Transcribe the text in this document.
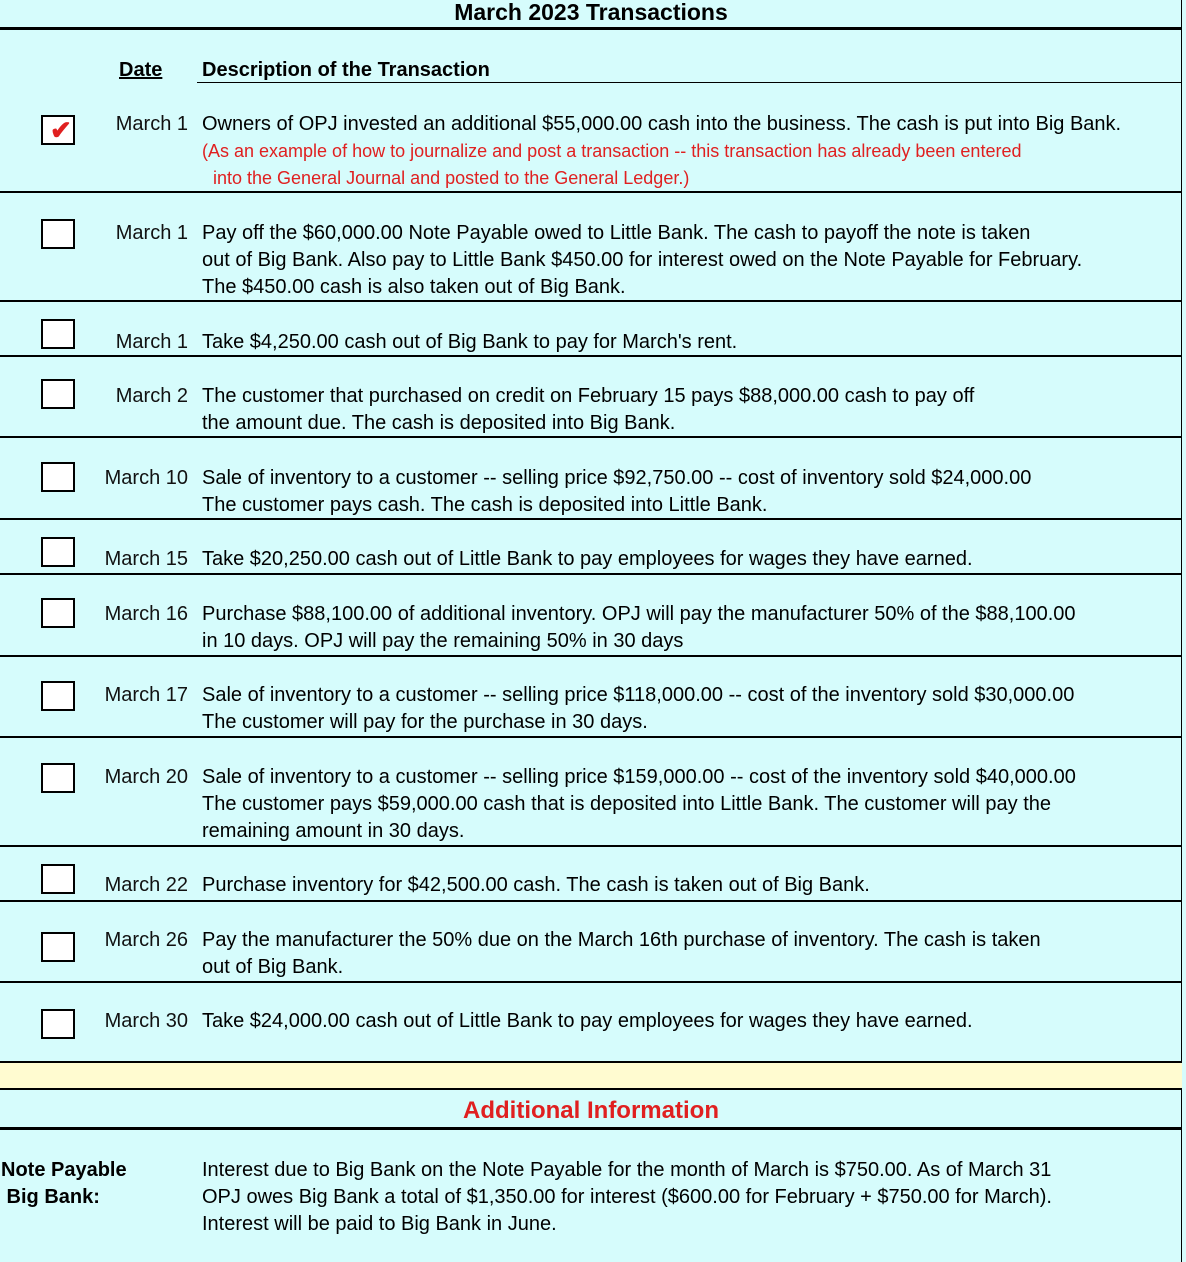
March 2023 Transactions
Date Description of the Transaction
✔	March 1 Owners of OPJ invested an additional $55,000.00 cash into the business. The cash is put into Big Bank.
(As an example of how to journalize and post a transaction -- this transaction has already been entered
into the General Journal and posted to the General Ledger.)
March 1 Pay off the $60,000.00 Note Payable owed to Little Bank. The cash to payoff the note is taken
out of Big Bank. Also pay to Little Bank $450.00 for interest owed on the Note Payable for February.
The $450.00 cash is also taken out of Big Bank.
March 1 Take $4,250.00 cash out of Big Bank to pay for March's rent.
March 2 The customer that purchased on credit on February 15 pays $88,000.00 cash to pay off
the amount due. The cash is deposited into Big Bank.
March 10 Sale of inventory to a customer -- selling price $92,750.00 -- cost of inventory sold $24,000.00
The customer pays cash. The cash is deposited into Little Bank.
March 15 Take $20,250.00 cash out of Little Bank to pay employees for wages they have earned.
March 16 Purchase $88,100.00 of additional inventory. OPJ will pay the manufacturer 50% of the $88,100.00
in 10 days. OPJ will pay the remaining 50% in 30 days
March 17 Sale of inventory to a customer -- selling price $118,000.00 -- cost of the inventory sold $30,000.00
The customer will pay for the purchase in 30 days.
March 20 Sale of inventory to a customer -- selling price $159,000.00 -- cost of the inventory sold $40,000.00
The customer pays $59,000.00 cash that is deposited into Little Bank. The customer will pay the
remaining amount in 30 days.
March 22 Purchase inventory for $42,500.00 cash. The cash is taken out of Big Bank.
March 26 Pay the manufacturer the 50% due on the March 16th purchase of inventory. The cash is taken
out of Big Bank.
March 30 Take $24,000.00 cash out of Little Bank to pay employees for wages they have earned.
Additional Information
Note Payable
Big Bank:
Interest due to Big Bank on the Note Payable for the month of March is $750.00. As of March 31
OPJ owes Big Bank a total of $1,350.00 for interest ($600.00 for February + $750.00 for March).
Interest will be paid to Big Bank in June.
